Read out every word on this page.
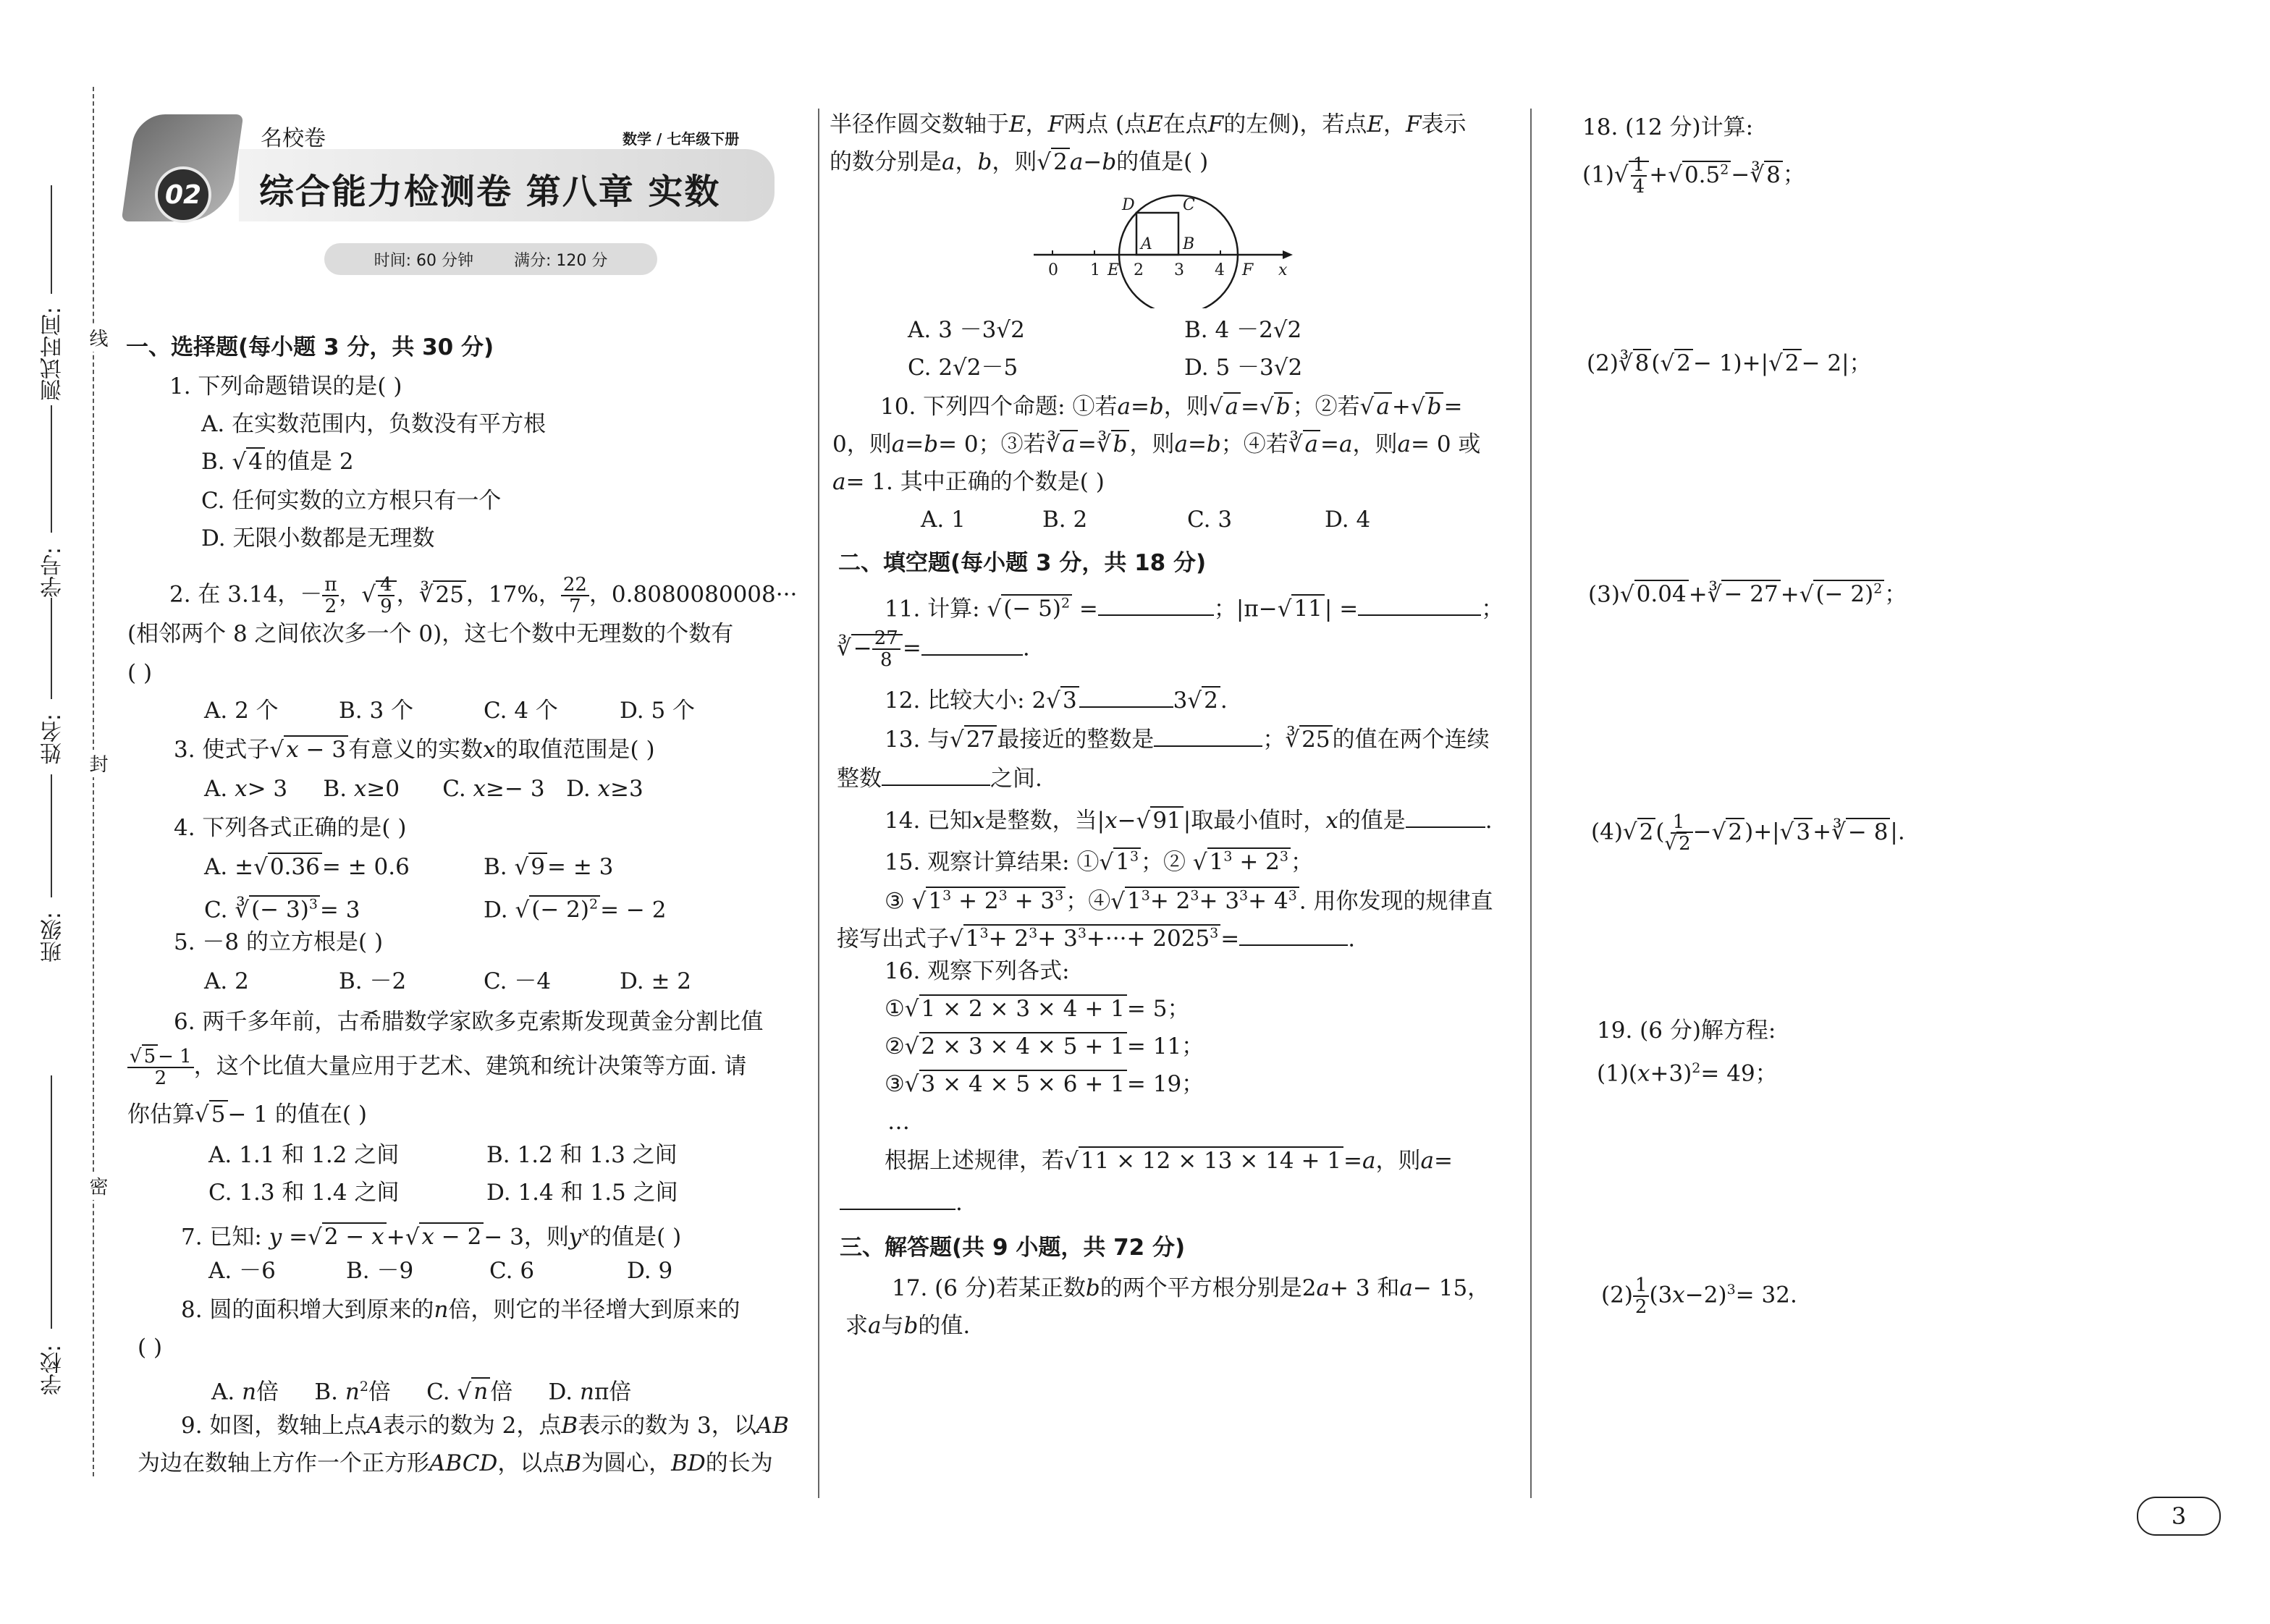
线
封
密
测试时间:
学号:
姓名:
班级:
学校:
02
名校卷	数学 / 七年级下册
综合能力检测卷 第八章 实数
时间: 60 分钟	满分: 120 分
一、选择题(每小题 3 分，共 30 分)
1. 下列命题错误的是( )
A. 在实数范围内，负数没有平方根
B. √4的值是 2
C. 任何实数的立方根只有一个
D. 无限小数都是无理数
2. 在 3.14，－ $\frac{\pi}{2}$ ，√ $\frac{4}{9}$ ，∛25，17%， $\frac{22}{7}$ ，0.8080080008···
(相邻两个 8 之间依次多一个 0)，这七个数中无理数的个数有
( )
A. 2 个	B. 3 个	C. 4 个	D. 5 个
3. 使式子√x − 3有意义的实数x的取值范围是( )
A. x> 3     B. x≥0      C. x≥− 3   D. x≥3
4. 下列各式正确的是( )
A. ±√0.36= ± 0.6	B. √9= ± 3
C. ∛(− 3)$^3$= 3	D. √(− 2)$^2$= − 2
5. －8 的立方根是( )
A. 2	B. －2	C. －4	D. ± 2
6. 两千多年前，古希腊数学家欧多克索斯发现黄金分割比值
$\frac{√ 5 - 1}{2}$ ，这个比值大量应用于艺术、建筑和统计决策等方面. 请
你估算√5− 1 的值在( )
A. 1.1 和 1.2 之间	B. 1.2 和 1.3 之间
C. 1.3 和 1.4 之间	D. 1.4 和 1.5 之间
7. 已知: y =√2 − x+√x − 2− 3，则$y^x$的值是( )
A. －6	B. －9	C. 6	D. 9
8. 圆的面积增大到原来的n倍，则它的半径增大到原来的
( )
A. n倍     B. $n^2$倍     C. √n倍     D. nπ倍
9. 如图，数轴上点A表示的数为 2，点B表示的数为 3，以AB
为边在数轴上方作一个正方形ABCD，以点B为圆心，BD的长为
半径作圆交数轴于E，F两点 (点E在点F的左侧)，若点E，F表示
的数分别是a，b，则√2a−b的值是( )
0 1 2 3 4
E	F
A B
C
D
x
A. 3 －3√2	B. 4 －2√2
C. 2√2－5	D. 5 －3√2
10. 下列四个命题: ①若a=b，则√a=√b；②若√a+√b=
0，则a=b= 0；③若∛a=∛b，则a=b；④若∛a=a，则a= 0 或
a= 1. 其中正确的个数是( )
A. 1	B. 2	C. 3	D. 4
二、填空题(每小题 3 分，共 18 分)
11. 计算: √(− 5)$^2$ =	；|π−√11| =	；
∛− $\frac{27}{8}$ =	.
12. 比较大小: 2√3	3√2.
13. 与√27最接近的整数是	；∛25的值在两个连续
整数	之间.
14. 已知x是整数，当|x−√91|取最小值时，x的值是	.
15. 观察计算结果: $①√1^3$；② $√1^3 + 2^3$；
③ $√1^3 + 2^3 + 3^3$；$④√1^3+ 2^3+ 3^3+ 4^3$. 用你发现的规律直
接写出式子$√1^3+ 2^3+ 3^3+\cdot\cdot\cdot+ 2025^3=$	.
16. 观察下列各式:
①√1 × 2 × 3 × 4 + 1= 5；
②√2 × 3 × 4 × 5 + 1= 11；
③√3 × 4 × 5 × 6 + 1= 19；
…
根据上述规律，若√11 × 12 × 13 × 14 + 1=a，则a=
.
三、解答题(共 9 小题，共 72 分)
17. (6 分)若某正数b的两个平方根分别是2a+ 3 和a− 15，
求a与b的值.
18. (12 分)计算:
$(1)√ \frac{1}{4}$ $+√0.5^2-∛8$；
(2)∛8(√2− 1)+|√2− 2|；
(3)√0.04+∛− $27+√(- 2)^2$；
$(4)√2( \frac{1}{√ 2}$ −√2)+|√3+∛− 8|.
19. (6 分)解方程:
$(1)(x+3)^2= 49$；
$(2) \frac{1}{2} (3x-2)^3= 32$.
3
